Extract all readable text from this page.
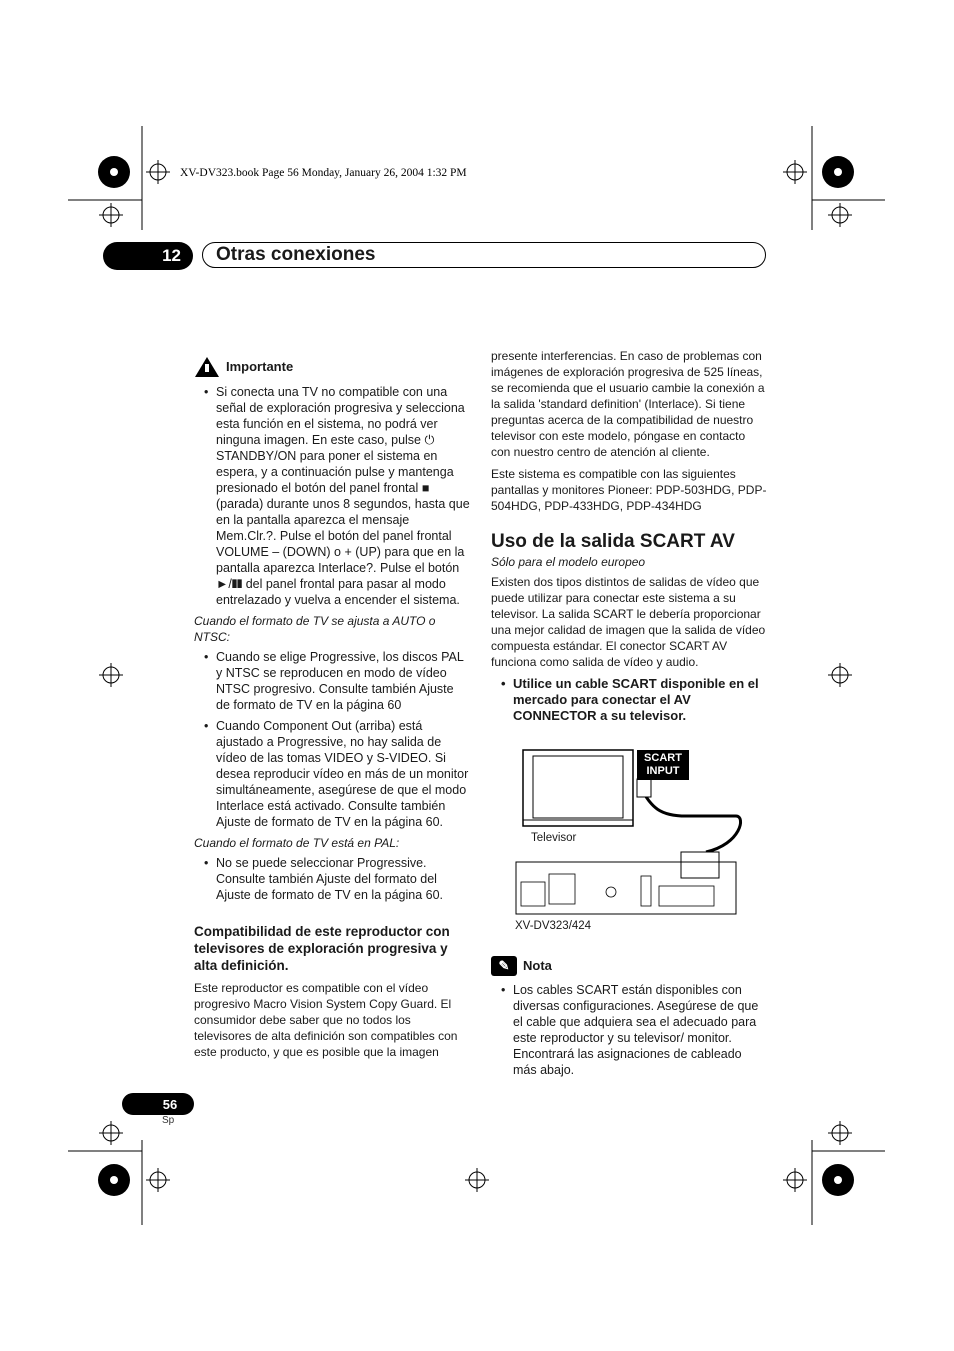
XV-DV323.book Page 56 Monday, January 26, 2004 1:32 PM
12	Otras conexiones
Importante
• Si conecta una TV no compatible con una señal de exploración progresiva y selecciona esta función en el sistema, no podrá ver ninguna imagen. En este caso, pulse ⏻ STANDBY/ON para poner el sistema en espera, y a continuación pulse y mantenga presionado el botón del panel frontal ■ (parada) durante unos 8 segundos, hasta que en la pantalla aparezca el mensaje Mem.Clr.?. Pulse el botón del panel frontal VOLUME – (DOWN) o + (UP) para que en la pantalla aparezca Interlace?. Pulse el botón ►/❚❚ del panel frontal para pasar al modo entrelazado y vuelva a encender el sistema.
Cuando el formato de TV se ajusta a AUTO o NTSC:
• Cuando se elige Progressive, los discos PAL y NTSC se reproducen en modo de vídeo NTSC progresivo. Consulte también Ajuste de formato de TV en la página 60
• Cuando Component Out (arriba) está ajustado a Progressive, no hay salida de vídeo de las tomas VIDEO y S-VIDEO. Si desea reproducir vídeo en más de un monitor simultáneamente, asegúrese de que el modo Interlace está activado. Consulte también Ajuste de formato de TV en la página 60.
Cuando el formato de TV está en PAL:
• No se puede seleccionar Progressive. Consulte también Ajuste del formato del Ajuste de formato de TV en la página 60.
Compatibilidad de este reproductor con televisores de exploración progresiva y alta definición.

Este reproductor es compatible con el vídeo progresivo Macro Vision System Copy Guard. El consumidor debe saber que no todos los televisores de alta definición son compatibles con este producto, y que es posible que la imagen

presente interferencias. En caso de problemas con imágenes de exploración progresiva de 525 líneas, se recomienda que el usuario cambie la conexión a la salida 'standard definition' (Interlace). Si tiene preguntas acerca de la compatibilidad de nuestro televisor con este modelo, póngase en contacto con nuestro centro de atención al cliente.

Este sistema es compatible con las siguientes pantallas y monitores Pioneer: PDP-503HDG, PDP-504HDG, PDP-433HDG, PDP-434HDG

Uso de la salida SCART AV
Sólo para el modelo europeo

Existen dos tipos distintos de salidas de vídeo que puede utilizar para conectar este sistema a su televisor. La salida SCART le debería proporcionar una mejor calidad de imagen que la salida de vídeo compuesta estándar. El conector SCART AV funciona como salida de vídeo y audio.

• Utilice un cable SCART disponible en el mercado para conectar el AV CONNECTOR a su televisor.
SCART INPUT
Televisor
XV-DV323/424
✎	Nota
• Los cables SCART están disponibles con diversas configuraciones. Asegúrese de que el cable que adquiera sea el adecuado para este reproductor y su televisor/ monitor. Encontrará las asignaciones de cableado más abajo.
56
Sp
